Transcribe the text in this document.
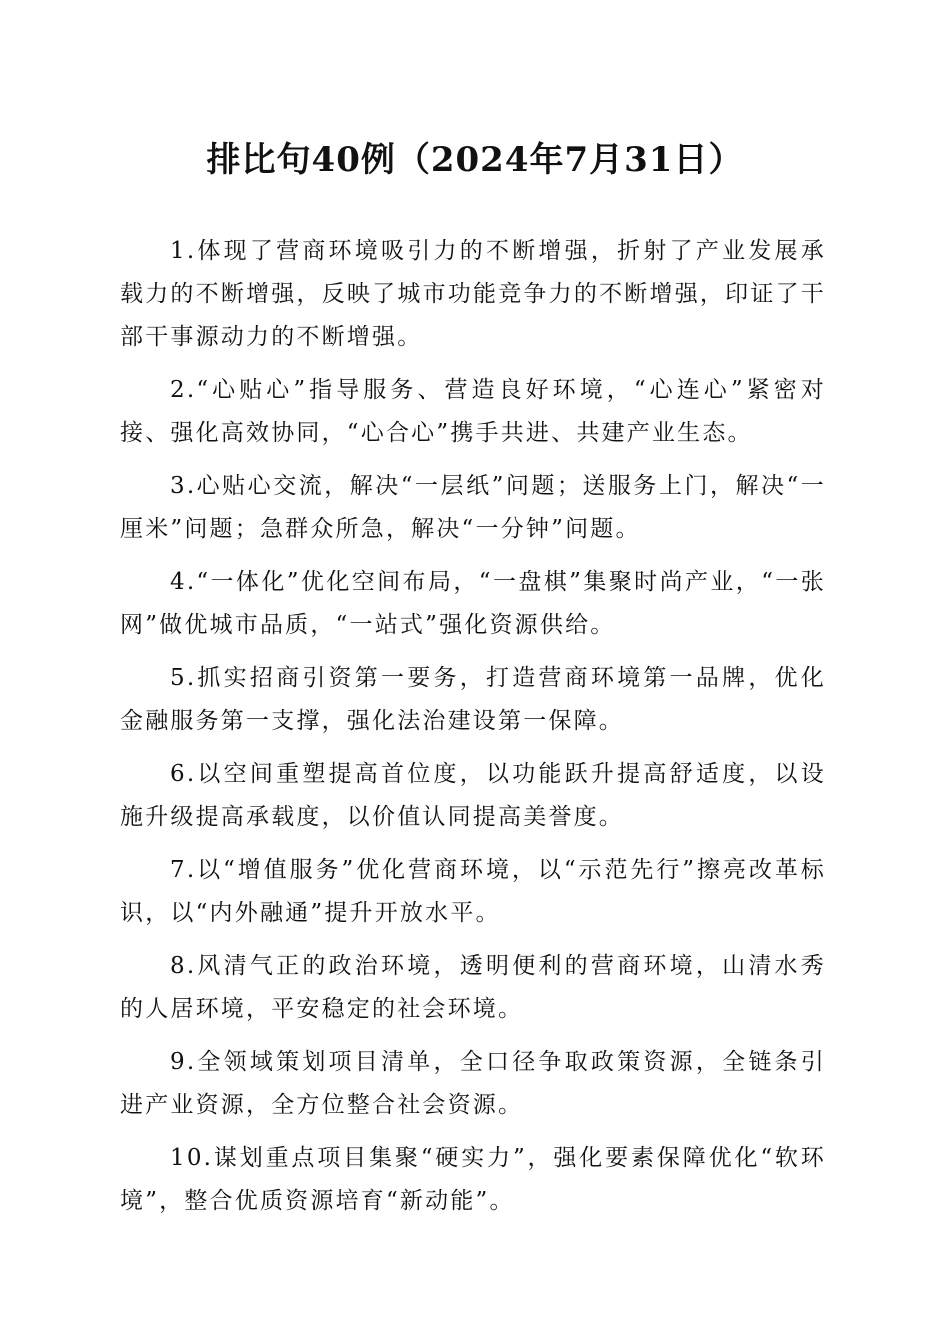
排比句40例（2024年7月31日）

1.体现了营商环境吸引力的不断增强，折射了产业发展承载力的不断增强，反映了城市功能竞争力的不断增强，印证了干部干事源动力的不断增强。

2.“心贴心”指导服务、营造良好环境，“心连心”紧密对接、强化高效协同，“心合心”携手共进、共建产业生态。

3.心贴心交流，解决“一层纸”问题；送服务上门，解决“一厘米”问题；急群众所急，解决“一分钟”问题。

4.“一体化”优化空间布局，“一盘棋”集聚时尚产业，“一张网”做优城市品质，“一站式”强化资源供给。

5.抓实招商引资第一要务，打造营商环境第一品牌，优化金融服务第一支撑，强化法治建设第一保障。

6.以空间重塑提高首位度，以功能跃升提高舒适度，以设施升级提高承载度，以价值认同提高美誉度。

7.以“增值服务”优化营商环境，以“示范先行”擦亮改革标识，以“内外融通”提升开放水平。

8.风清气正的政治环境，透明便利的营商环境，山清水秀的人居环境，平安稳定的社会环境。

9.全领域策划项目清单，全口径争取政策资源，全链条引进产业资源，全方位整合社会资源。

10.谋划重点项目集聚“硬实力”，强化要素保障优化“软环境”，整合优质资源培育“新动能”。
